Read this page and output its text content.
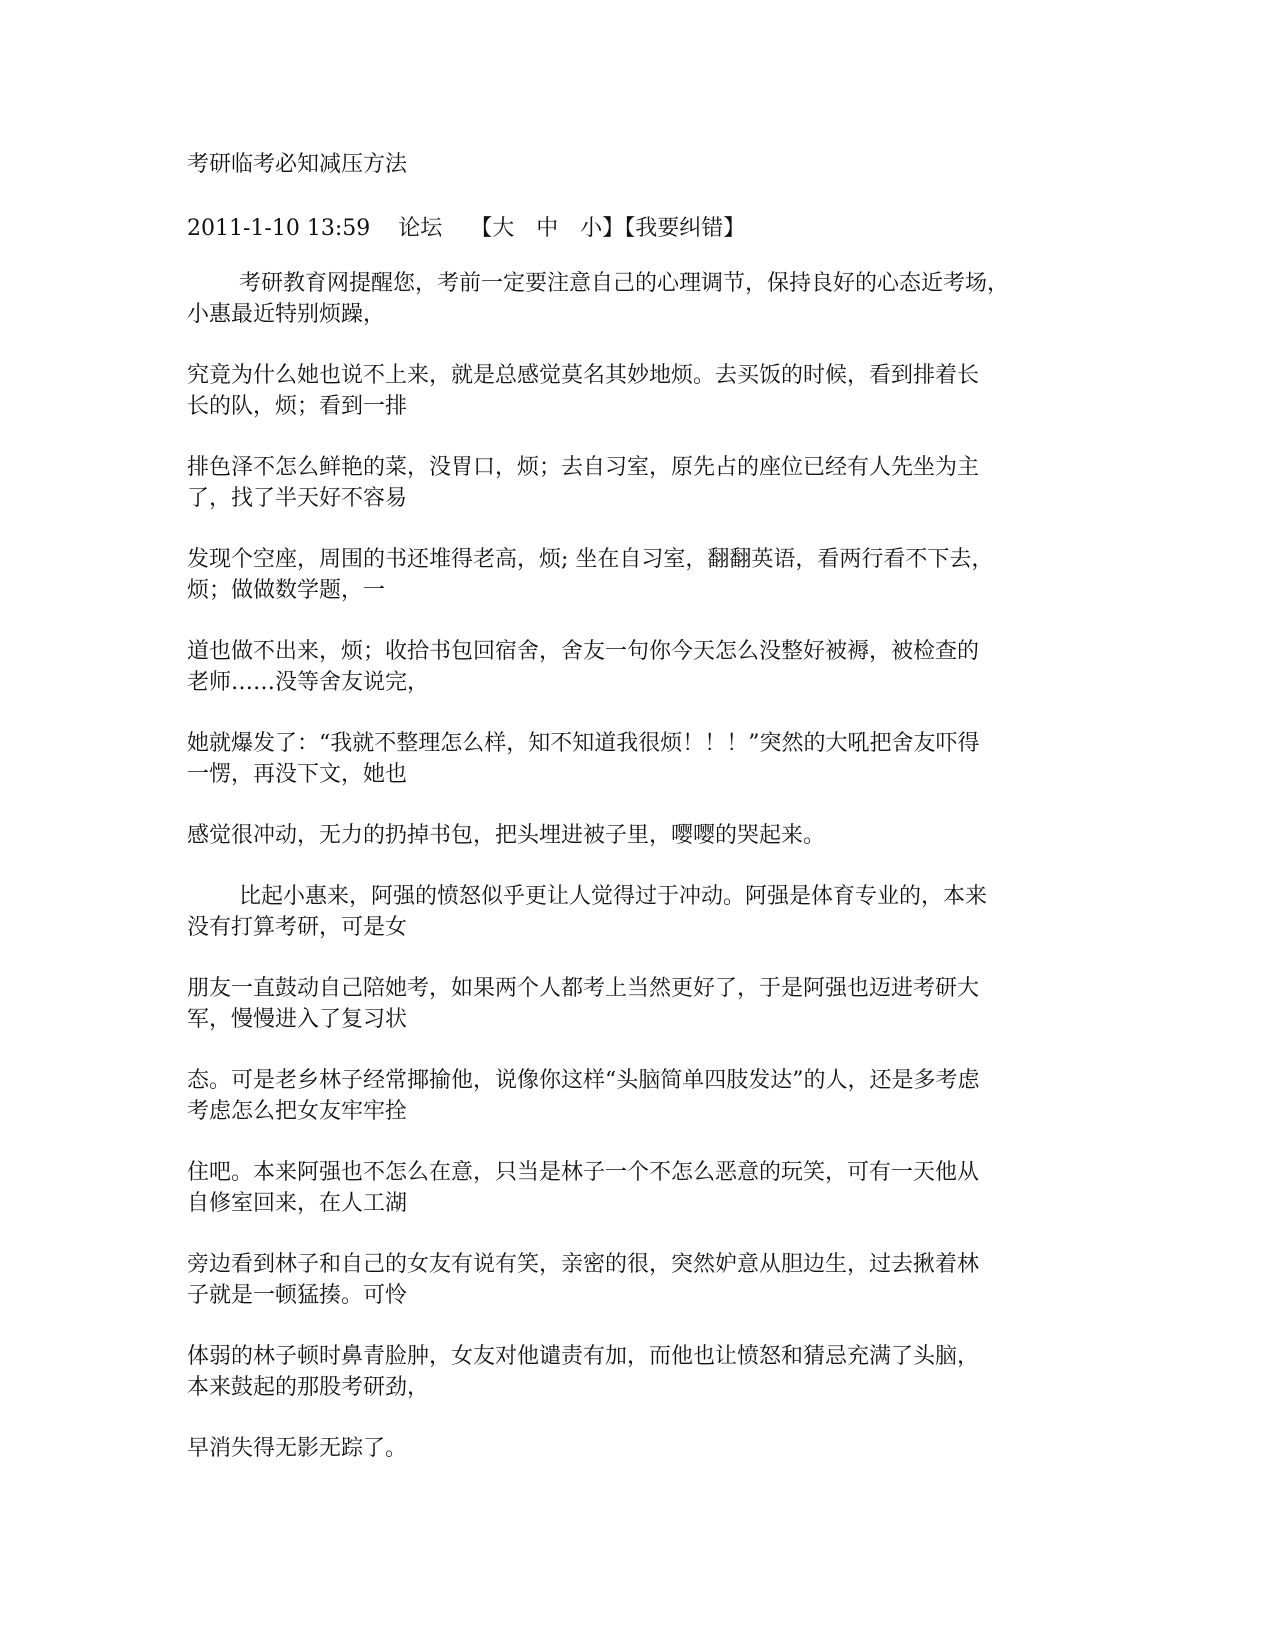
考研临考必知减压方法
2011-1-10 13:59 论坛 【大　中　小】【我要纠错】
考研教育网提醒您，考前一定要注意自己的心理调节，保持良好的心态近考场，
小惠最近特别烦躁，
究竟为什么她也说不上来，就是总感觉莫名其妙地烦。去买饭的时候，看到排着长
长的队，烦；看到一排
排色泽不怎么鲜艳的菜，没胃口，烦；去自习室，原先占的座位已经有人先坐为主
了，找了半天好不容易
发现个空座，周围的书还堆得老高，烦; 坐在自习室，翻翻英语，看两行看不下去，
烦；做做数学题，一
道也做不出来，烦；收拾书包回宿舍，舍友一句你今天怎么没整好被褥，被检查的
老师……没等舍友说完，
她就爆发了：“我就不整理怎么样，知不知道我很烦！！！”突然的大吼把舍友吓得
一愣，再没下文，她也
感觉很冲动，无力的扔掉书包，把头埋进被子里，嘤嘤的哭起来。
比起小惠来，阿强的愤怒似乎更让人觉得过于冲动。阿强是体育专业的，本来
没有打算考研，可是女
朋友一直鼓动自己陪她考，如果两个人都考上当然更好了，于是阿强也迈进考研大
军，慢慢进入了复习状
态。可是老乡林子经常揶揄他，说像你这样“头脑简单四肢发达”的人，还是多考虑
考虑怎么把女友牢牢拴
住吧。本来阿强也不怎么在意，只当是林子一个不怎么恶意的玩笑，可有一天他从
自修室回来，在人工湖
旁边看到林子和自己的女友有说有笑，亲密的很，突然妒意从胆边生，过去揪着林
子就是一顿猛揍。可怜
体弱的林子顿时鼻青脸肿，女友对他谴责有加，而他也让愤怒和猜忌充满了头脑，
本来鼓起的那股考研劲，
早消失得无影无踪了。
